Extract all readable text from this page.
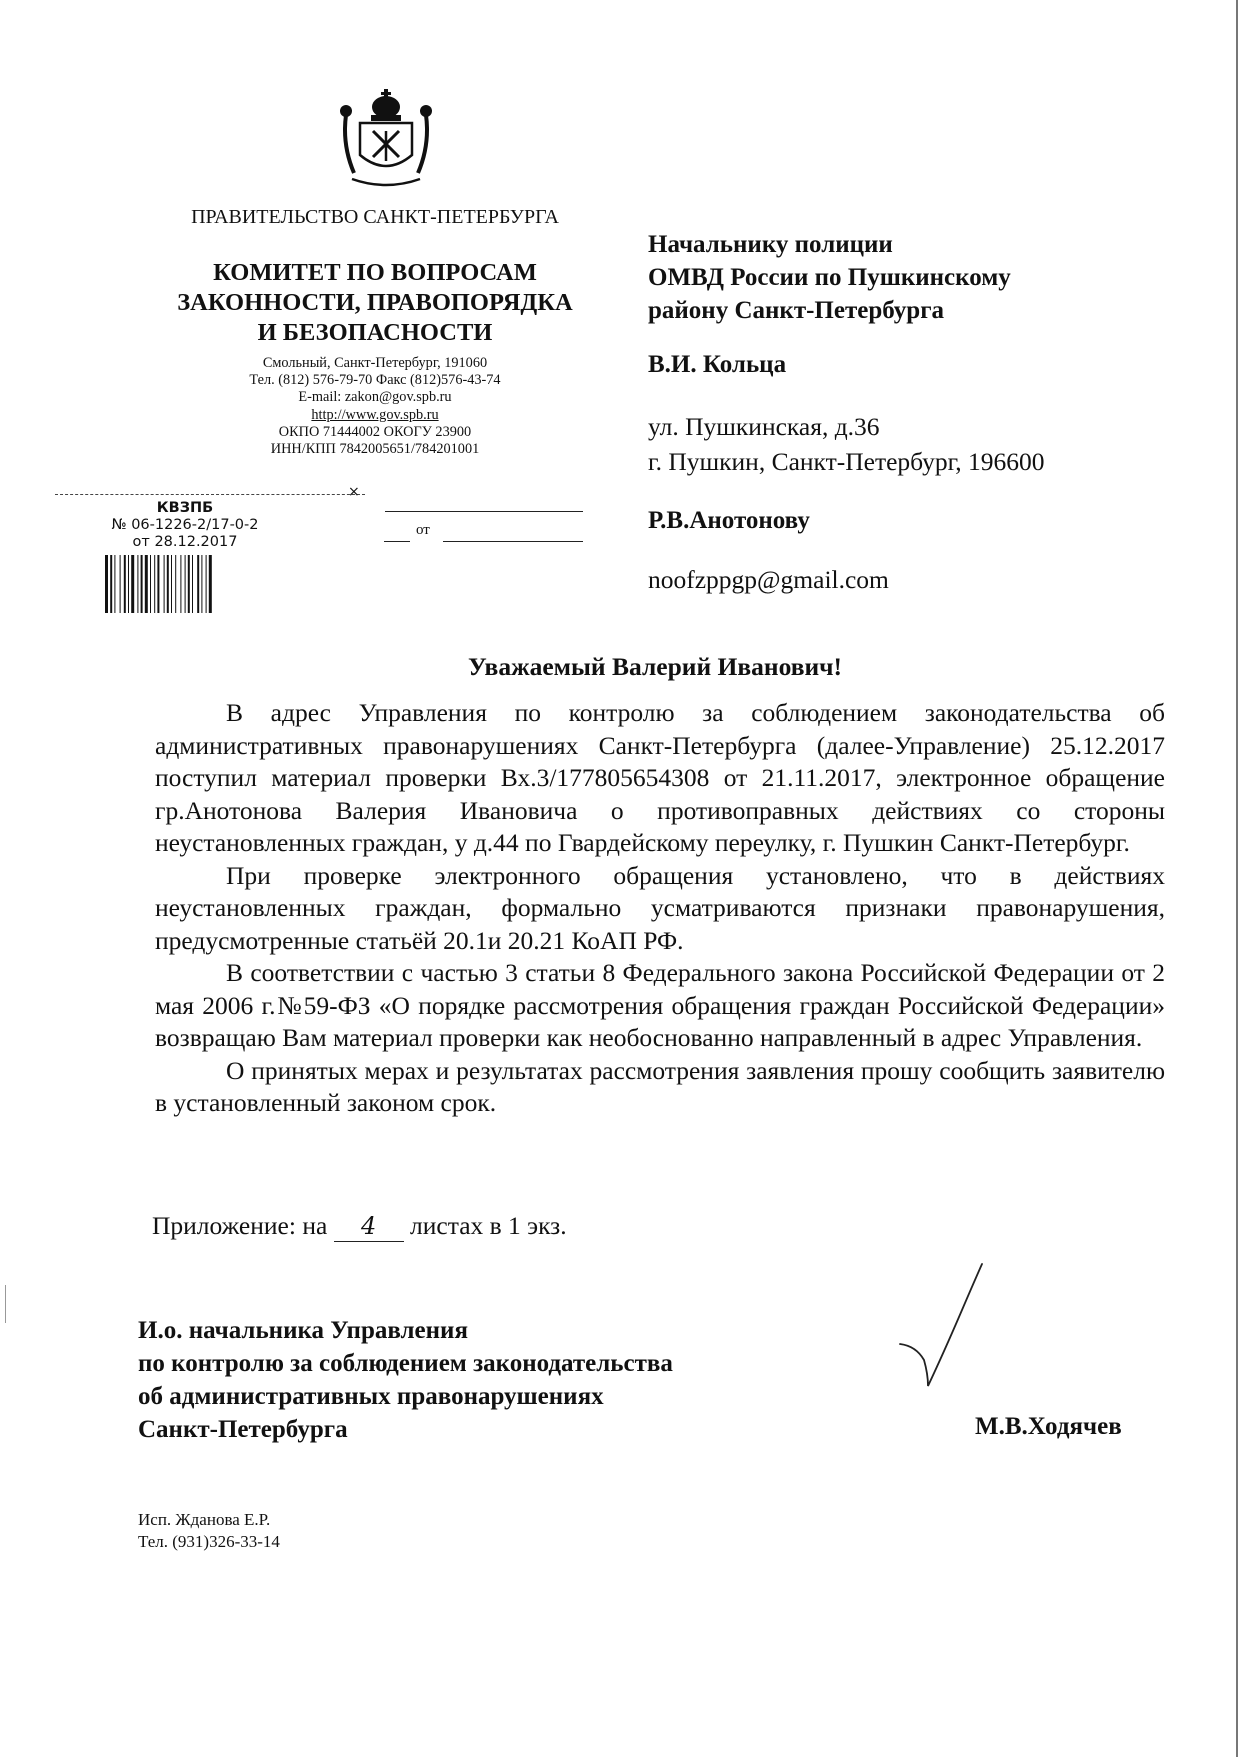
ПРАВИТЕЛЬСТВО САНКТ-ПЕТЕРБУРГА
КОМИТЕТ ПО ВОПРОСАМ
ЗАКОННОСТИ, ПРАВОПОРЯДКА
И БЕЗОПАСНОСТИ
Смольный, Санкт-Петербург, 191060
Тел. (812) 576-79-70 Факс (812)576-43-74
E-mail: zakon@gov.spb.ru
http://www.gov.spb.ru
ОКПО 71444002 ОКОГУ 23900
ИНН/КПП 7842005651/784201001
×
КВЗПБ
№ 06-1226-2/17-0-2
от 28.12.2017
от
Начальнику полиции
ОМВД России по Пушкинскому
району Санкт-Петербурга
В.И. Кольца
ул. Пушкинская, д.36
г. Пушкин, Санкт-Петербург, 196600
Р.В.Анотонову
noofzppgp@gmail.com
Уважаемый Валерий Иванович!

В адрес Управления по контролю за соблюдением законодательства об административных правонарушениях Санкт-Петербурга (далее-Управление) 25.12.2017 поступил материал проверки Вх.3/177805654308 от 21.11.2017, электронное обращение гр.Анотонова Валерия Ивановича о противоправных действиях со стороны неустановленных граждан, у д.44 по Гвардейскому переулку, г. Пушкин Санкт-Петербург.

При проверке электронного обращения установлено, что в действиях неустановленных граждан, формально усматриваются признаки правонарушения, предусмотренные статьёй 20.1и 20.21 КоАП РФ.

В соответствии с частью 3 статьи 8 Федерального закона Российской Федерации от 2 мая 2006 г.№59-ФЗ «О порядке рассмотрения обращения граждан Российской Федерации» возвращаю Вам материал проверки как необоснованно направленный в адрес Управления.

О принятых мерах и результатах рассмотрения заявления прошу сообщить заявителю в установленный законом срок.

Приложение: на 4 листах в 1 экз.
И.о. начальника Управления
по контролю за соблюдением законодательства
об административных правонарушениях
Санкт-Петербурга	М.В.Ходячев
Исп. Жданова Е.Р.
Тел. (931)326-33-14
